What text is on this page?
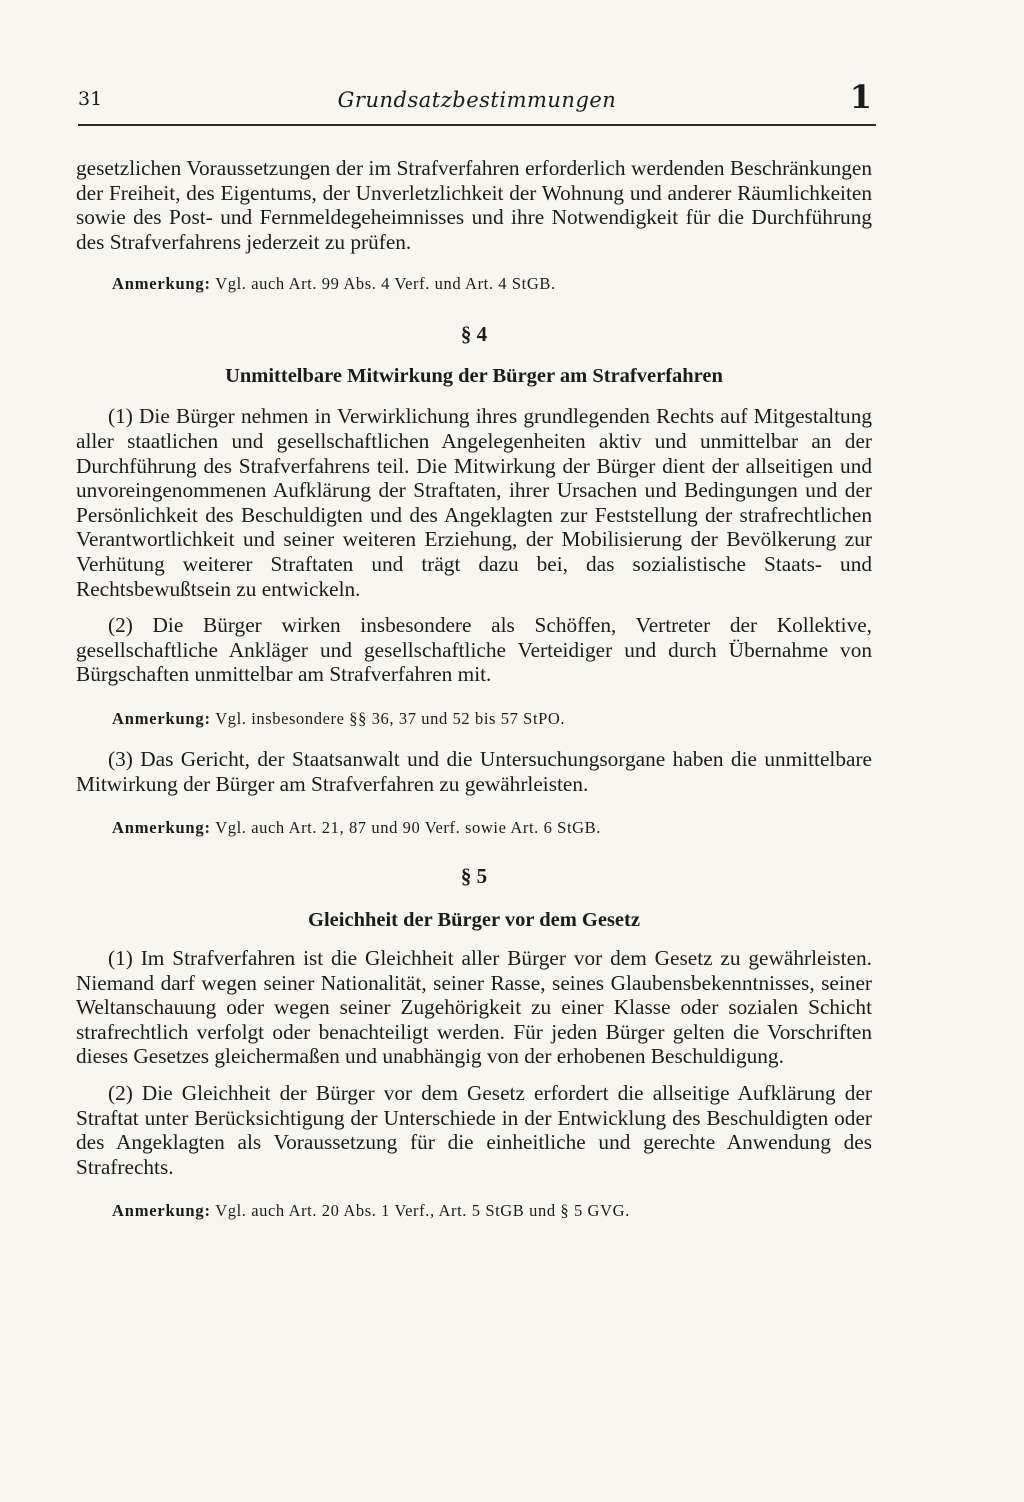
31	Grundsatzbestimmungen	1

gesetzlichen Voraussetzungen der im Strafverfahren erforderlich werdenden Beschränkungen der Freiheit, des Eigentums, der Unverletzlichkeit der Wohnung und anderer Räumlichkeiten sowie des Post- und Fernmeldegeheimnisses und ihre Notwendigkeit für die Durchführung des Strafverfahrens jederzeit zu prüfen.

Anmerkung: Vgl. auch Art. 99 Abs. 4 Verf. und Art. 4 StGB.

§ 4

Unmittelbare Mitwirkung der Bürger am Strafverfahren

(1) Die Bürger nehmen in Verwirklichung ihres grundlegenden Rechts auf Mitgestaltung aller staatlichen und gesellschaftlichen Angelegenheiten aktiv und unmittelbar an der Durchführung des Strafverfahrens teil. Die Mitwirkung der Bürger dient der allseitigen und unvoreingenommenen Aufklärung der Straftaten, ihrer Ursachen und Bedingungen und der Persönlichkeit des Beschuldigten und des Angeklagten zur Feststellung der strafrechtlichen Verantwortlichkeit und seiner weiteren Erziehung, der Mobilisierung der Bevölkerung zur Verhütung weiterer Straftaten und trägt dazu bei, das sozialistische Staats- und Rechtsbewußtsein zu entwickeln.

(2) Die Bürger wirken insbesondere als Schöffen, Vertreter der Kollektive, gesellschaftliche Ankläger und gesellschaftliche Verteidiger und durch Übernahme von Bürgschaften unmittelbar am Strafverfahren mit.

Anmerkung: Vgl. insbesondere §§ 36, 37 und 52 bis 57 StPO.

(3) Das Gericht, der Staatsanwalt und die Untersuchungsorgane haben die unmittelbare Mitwirkung der Bürger am Strafverfahren zu gewährleisten.

Anmerkung: Vgl. auch Art. 21, 87 und 90 Verf. sowie Art. 6 StGB.

§ 5

Gleichheit der Bürger vor dem Gesetz

(1) Im Strafverfahren ist die Gleichheit aller Bürger vor dem Gesetz zu gewährleisten. Niemand darf wegen seiner Nationalität, seiner Rasse, seines Glaubensbekenntnisses, seiner Weltanschauung oder wegen seiner Zugehörigkeit zu einer Klasse oder sozialen Schicht strafrechtlich verfolgt oder benachteiligt werden. Für jeden Bürger gelten die Vorschriften dieses Gesetzes gleichermaßen und unabhängig von der erhobenen Beschuldigung.

(2) Die Gleichheit der Bürger vor dem Gesetz erfordert die allseitige Aufklärung der Straftat unter Berücksichtigung der Unterschiede in der Entwicklung des Beschuldigten oder des Angeklagten als Voraussetzung für die einheitliche und gerechte Anwendung des Strafrechts.

Anmerkung: Vgl. auch Art. 20 Abs. 1 Verf., Art. 5 StGB und § 5 GVG.
